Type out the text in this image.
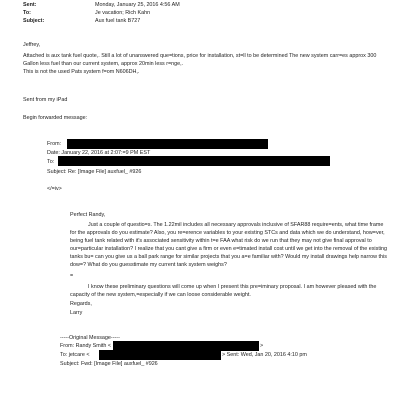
Sent:	Monday, January 25, 2016 4:56 AM
To:	Je vacation; Rich Kahn
Subject:	Aux fuel tank B727
Jeffrey,
Attached is aux tank fuel quote,. Still a lot of unanswered que=tions, price for installation, st=ll to be determined The new system carr=es approx 300 Gallon less fuel than our current system, approx 20min less r=nge,.
This is not the used Pats system f=om N606DH,.
Sent from my iPad
Begin forwarded message:
From:
Date: January 22, 2016 at 2:07:=9 PM EST
To:
Subject: Re: [Image File] auxfuel_ #926
</=iv>
Perfect Randy,
Just a couple of questio=s. The 1.22mil includes all necessary approvals inclusive of SFAR88 require=ents, what time frame for the approvals do you estimate? Also, you re=erence variables to your existing STCs and data which we do understand, how=ver, being fuel tank related with it's associated sensitivity within t=e FAA what risk do we run that they may not give final approval to our=particular installation? I realize that you cant give a firm or even e=timated install cost until we get into the removal of the existing tanks bu= can you give us a ball park range for similar projects that you a=e familiar with? Would my install drawings help narrow this dow=? What do you guesstimate my current tank system weighs?
=
I know these preliminary questions will come up when I present this pre=iminary proposal. I am however pleased with the capacity of the new system,=especially if we can loose considerable weight.
Regards,
Larry
-----Original Message-----
From: Randy Smith <	>
To: jetcare <	> Sent: Wed, Jan 20, 2016 4:10 pm
Subject: Fwd: [Image File] auxfuel_ #926
